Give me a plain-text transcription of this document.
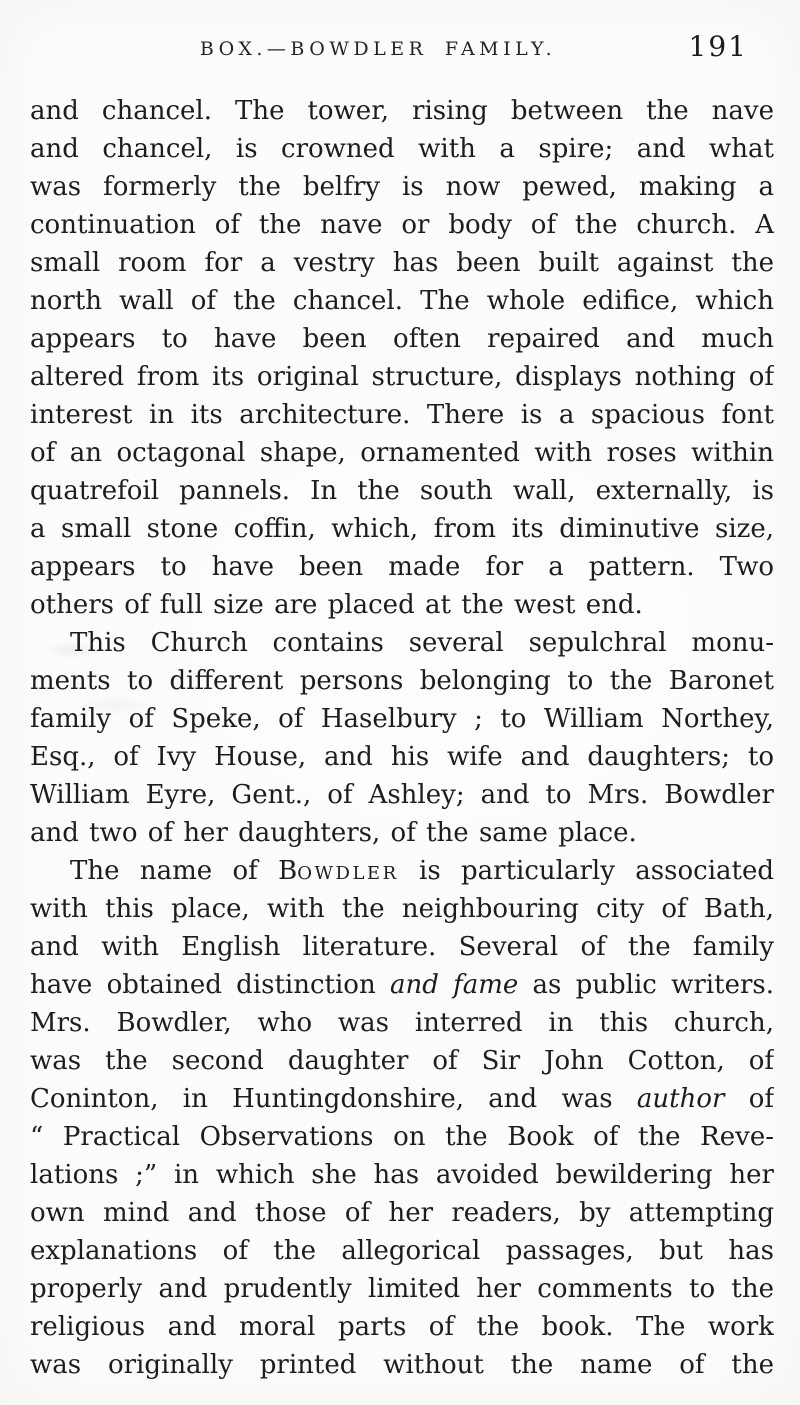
BOX.—BOWDLER FAMILY.	191
and chancel. The tower, rising between the nave
and chancel, is crowned with a spire; and what
was formerly the belfry is now pewed, making a
continuation of the nave or body of the church. A
small room for a vestry has been built against the
north wall of the chancel. The whole edifice, which
appears to have been often repaired and much
altered from its original structure, displays nothing of
interest in its architecture. There is a spacious font
of an octagonal shape, ornamented with roses within
quatrefoil pannels. In the south wall, externally, is
a small stone coffin, which, from its diminutive size,
appears to have been made for a pattern. Two
others of full size are placed at the west end.
This Church contains several sepulchral monu-
ments to different persons belonging to the Baronet
family of Speke, of Haselbury ; to William Northey,
Esq., of Ivy House, and his wife and daughters; to
William Eyre, Gent., of Ashley; and to Mrs. Bowdler
and two of her daughters, of the same place.
The name of Bowdler is particularly associated
with this place, with the neighbouring city of Bath,
and with English literature. Several of the family
have obtained distinction and fame as public writers.
Mrs. Bowdler, who was interred in this church,
was the second daughter of Sir John Cotton, of
Coninton, in Huntingdonshire, and was author of
“ Practical Observations on the Book of the Reve-
lations ;” in which she has avoided bewildering her
own mind and those of her readers, by attempting
explanations of the allegorical passages, but has
properly and prudently limited her comments to the
religious and moral parts of the book. The work
was originally printed without the name of the
